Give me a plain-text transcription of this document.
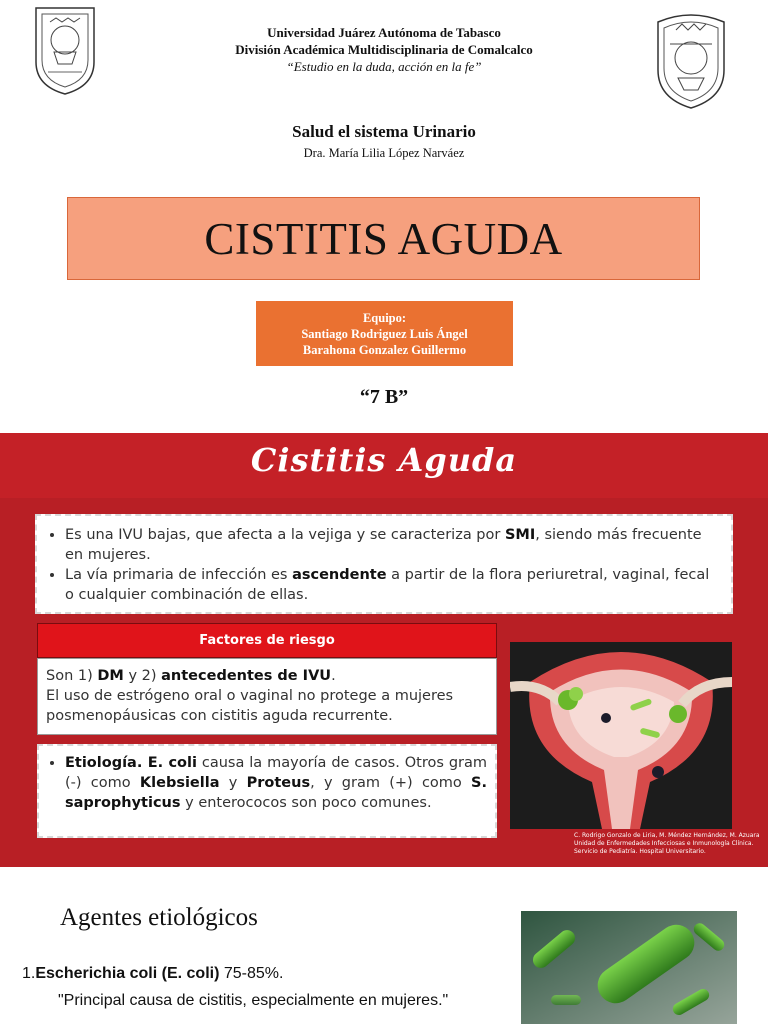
Universidad Juárez Autónoma de Tabasco
División Académica Multidisciplinaria de Comalcalco
“Estudio en la duda, acción en la fe”
Salud el sistema Urinario
Dra. María Lilia López Narváez
CISTITIS AGUDA
Equipo:
Santiago Rodriguez Luis Ángel
Barahona Gonzalez Guillermo
“7 B”
Cistitis Aguda
• Es una IVU bajas, que afecta a la vejiga y se caracteriza por SMI, siendo más frecuente en mujeres.
• La vía primaria de infección es ascendente a partir de la flora periuretral, vaginal, fecal o cualquier combinación de ellas.
Factores de riesgo
Son 1) DM y 2) antecedentes de IVU.
El uso de estrógeno oral o vaginal no protege a mujeres posmenopáusicas con cistitis aguda recurrente.
• Etiología. E. coli causa la mayoría de casos. Otros gram (-) como Klebsiella y Proteus, y gram (+) como S. saprophyticus y enterococos son poco comunes.
C. Rodrigo Gonzalo de Liria, M. Méndez Hernández, M. Azuara
Unidad de Enfermedades Infecciosas e Inmunología Clínica.
Servicio de Pediatría. Hospital Universitario.
Agentes etiológicos
1.Escherichia coli (E. coli) 75-85%.
"Principal causa de cistitis, especialmente en mujeres."
